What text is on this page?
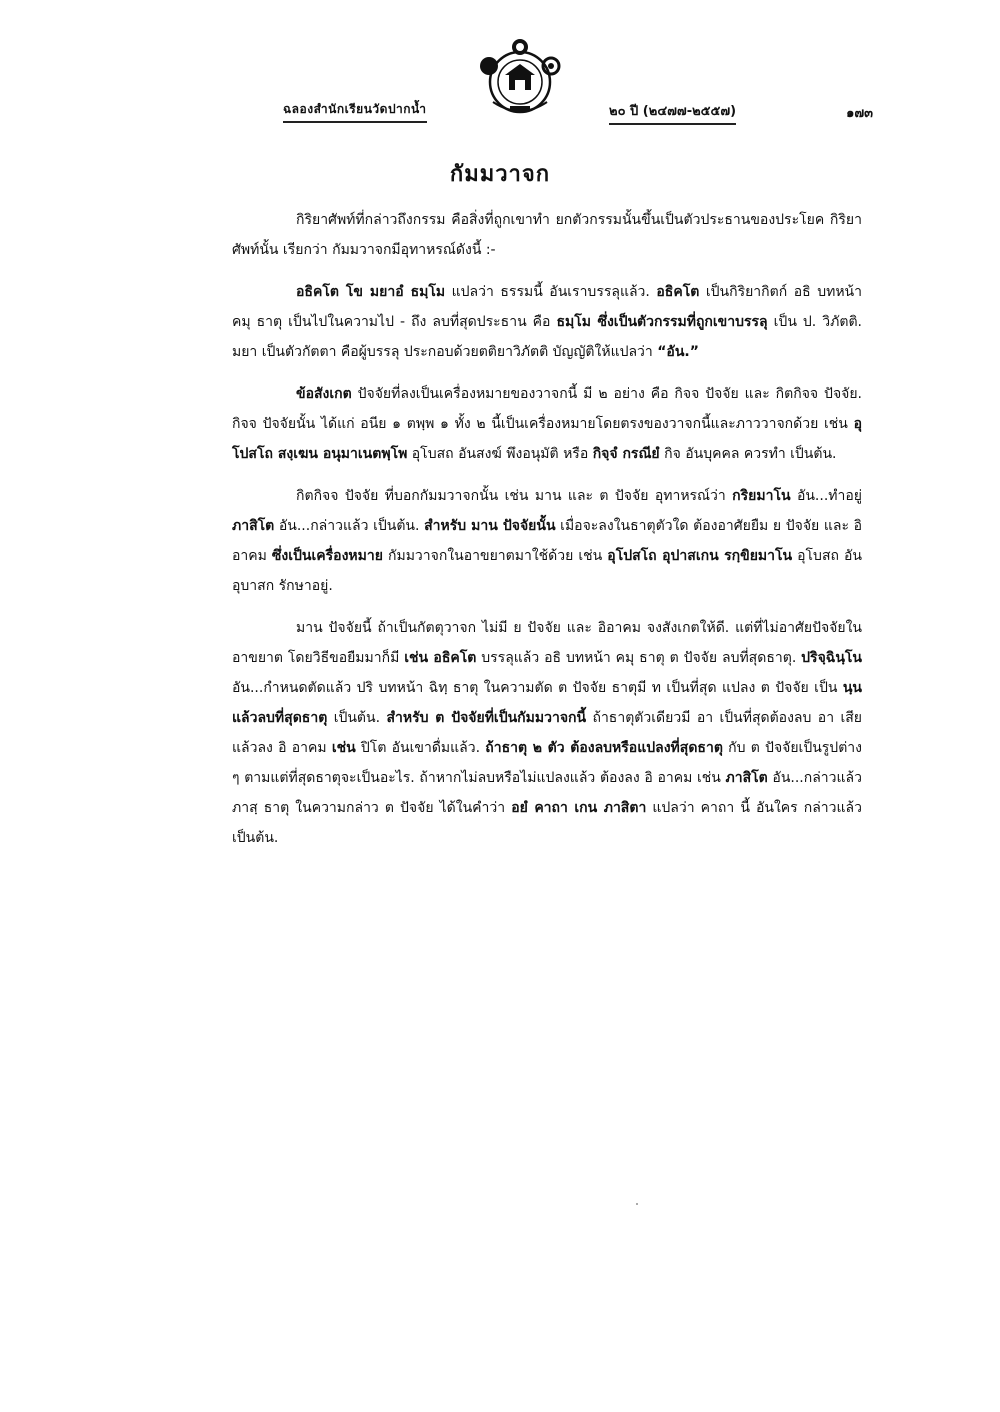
ฉลองสำนักเรียนวัดปากน้ำ	๒๐ ปี (๒๔๗๗-๒๕๕๗)	๑๗๓
กัมมวาจก

กิริยาศัพท์ที่กล่าวถึงกรรม คือสิ่งที่ถูกเขาทำ ยกตัวกรรมนั้นขึ้นเป็นตัวประธานของประโยค กิริยาศัพท์นั้น เรียกว่า กัมมวาจกมีอุทาหรณ์ดังนี้ :-

อธิคโต โข มยาอํ ธมฺโม แปลว่า ธรรมนี้ อันเราบรรลุแล้ว. อธิคโต เป็นกิริยากิตก์ อธิ บทหน้า คมุ ธาตุ เป็นไปในความไป - ถึง ลบที่สุดประธาน คือ ธมฺโม ซึ่งเป็นตัวกรรมที่ถูกเขาบรรลุ เป็น ป. วิภัตติ. มยา เป็นตัวกัตตา คือผู้บรรลุ ประกอบด้วยตติยาวิภัตติ บัญญัติให้แปลว่า “อัน.”

ข้อสังเกต ปัจจัยที่ลงเป็นเครื่องหมายของวาจกนี้ มี ๒ อย่าง คือ กิจจ ปัจจัย และ กิตกิจจ ปัจจัย. กิจจ ปัจจัยนั้น ได้แก่ อนีย ๑ ตพฺพ ๑ ทั้ง ๒ นี้เป็นเครื่องหมายโดยตรงของวาจกนี้และภาววาจกด้วย เช่น อุโปสโถ สงฺเฆน อนุมาเนตพฺโพ อุโบสถ อันสงฆ์ พึงอนุมัติ หรือ กิจฺจํ กรณียํ กิจ อันบุคคล ควรทำ เป็นต้น.

กิตกิจจ ปัจจัย ที่บอกกัมมวาจกนั้น เช่น มาน และ ต ปัจจัย อุทาหรณ์ว่า กริยมาโน อัน...ทำอยู่ ภาสิโต อัน...กล่าวแล้ว เป็นต้น. สำหรับ มาน ปัจจัยนั้น เมื่อจะลงในธาตุตัวใด ต้องอาศัยยืม ย ปัจจัย และ อิ อาคม ซึ่งเป็นเครื่องหมาย กัมมวาจกในอาขยาตมาใช้ด้วย เช่น อุโปสโถ อุปาสเกน รกฺขิยมาโน อุโบสถ อันอุบาสก รักษาอยู่.

มาน ปัจจัยนี้ ถ้าเป็นกัตตุวาจก ไม่มี ย ปัจจัย และ อิอาคม จงสังเกตให้ดี. แต่ที่ไม่อาศัยปัจจัยในอาขยาต โดยวิธีขอยืมมาก็มี เช่น อธิคโต บรรลุแล้ว อธิ บทหน้า คมุ ธาตุ ต ปัจจัย ลบที่สุดธาตุ. ปริจฺฉินฺโน อัน...กำหนดตัดแล้ว ปริ บทหน้า ฉิทฺ ธาตุ ในความตัด ต ปัจจัย ธาตุมี ท เป็นที่สุด แปลง ต ปัจจัย เป็น นฺน แล้วลบที่สุดธาตุ เป็นต้น. สำหรับ ต ปัจจัยที่เป็นกัมมวาจกนี้ ถ้าธาตุตัวเดียวมี อา เป็นที่สุดต้องลบ อา เสีย แล้วลง อิ อาคม เช่น ปิโต อันเขาดื่มแล้ว. ถ้าธาตุ ๒ ตัว ต้องลบหรือแปลงที่สุดธาตุ กับ ต ปัจจัยเป็นรูปต่าง ๆ ตามแต่ที่สุดธาตุจะเป็นอะไร. ถ้าหากไม่ลบหรือไม่แปลงแล้ว ต้องลง อิ อาคม เช่น ภาสิโต อัน...กล่าวแล้ว ภาสฺ ธาตุ ในความกล่าว ต ปัจจัย ได้ในคำว่า อยํ คาถา เกน ภาสิตา แปลว่า คาถา นี้ อันใคร กล่าวแล้ว เป็นต้น.
